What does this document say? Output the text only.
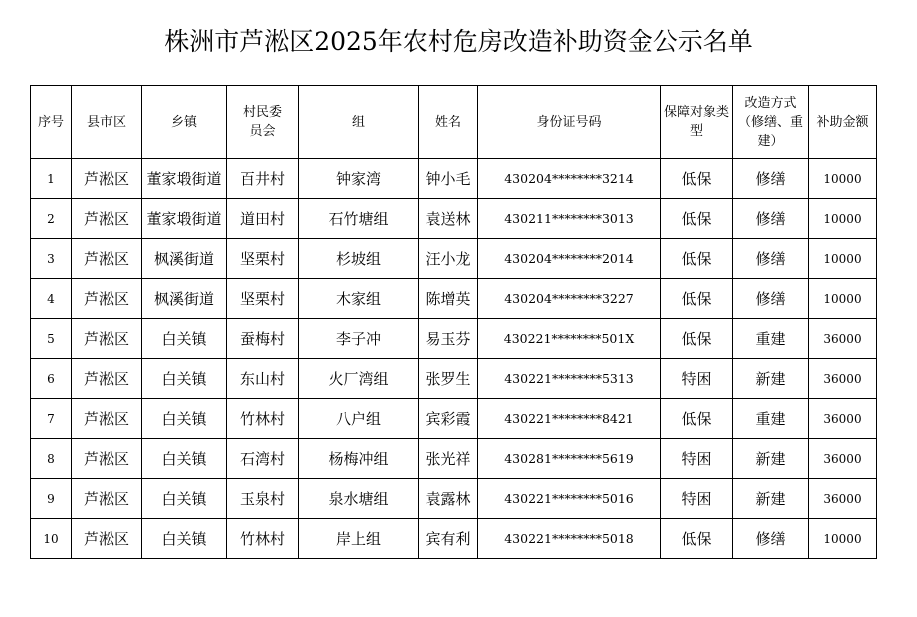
株洲市芦淞区2025年农村危房改造补助资金公示名单
序号	县市区	乡镇	村民委员会	组	姓名	身份证号码	保障对象类型	改造方式（修缮、重建）	补助金额
1	芦淞区	董家塅街道	百井村	钟家湾	钟小毛	430204********3214	低保	修缮	10000
2	芦淞区	董家塅街道	道田村	石竹塘组	袁送林	430211********3013	低保	修缮	10000
3	芦淞区	枫溪街道	坚栗村	杉坡组	汪小龙	430204********2014	低保	修缮	10000
4	芦淞区	枫溪街道	坚栗村	木家组	陈增英	430204********3227	低保	修缮	10000
5	芦淞区	白关镇	蚕梅村	李子冲	易玉芬	430221********501X	低保	重建	36000
6	芦淞区	白关镇	东山村	火厂湾组	张罗生	430221********5313	特困	新建	36000
7	芦淞区	白关镇	竹林村	八户组	宾彩霞	430221********8421	低保	重建	36000
8	芦淞区	白关镇	石湾村	杨梅冲组	张光祥	430281********5619	特困	新建	36000
9	芦淞区	白关镇	玉泉村	泉水塘组	袁露林	430221********5016	特困	新建	36000
10	芦淞区	白关镇	竹林村	岸上组	宾有利	430221********5018	低保	修缮	10000
